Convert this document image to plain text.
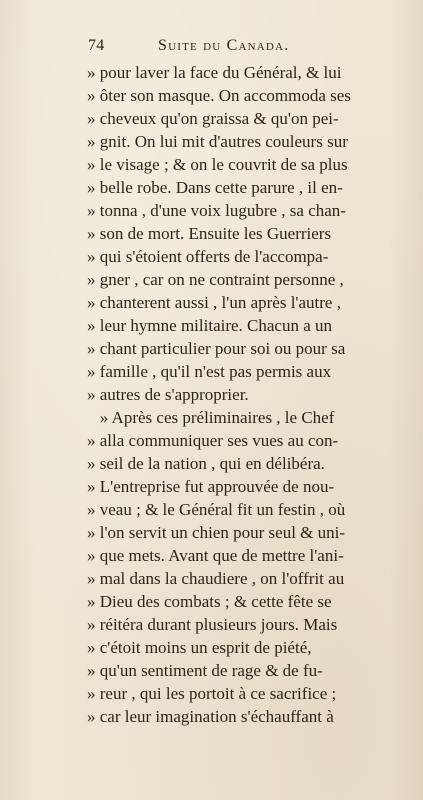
74	Suite du Canada.
» pour laver la face du Général, & lui
» ôter son masque. On accommoda ses
» cheveux qu'on graissa & qu'on pei-
» gnit. On lui mit d'autres couleurs sur
» le visage ; & on le couvrit de sa plus
» belle robe. Dans cette parure , il en-
» tonna , d'une voix lugubre , sa chan-
» son de mort. Ensuite les Guerriers
» qui s'étoient offerts de l'accompa-
» gner , car on ne contraint personne ,
» chanterent aussi , l'un après l'autre ,
» leur hymne militaire. Chacun a un
» chant particulier pour soi ou pour sa
» famille , qu'il n'est pas permis aux
» autres de s'approprier.
» Après ces préliminaires , le Chef
» alla communiquer ses vues au con-
» seil de la nation , qui en délibéra.
» L'entreprise fut approuvée de nou-
» veau ; & le Général fit un festin , où
» l'on servit un chien pour seul & uni-
» que mets. Avant que de mettre l'ani-
» mal dans la chaudiere , on l'offrit au
» Dieu des combats ; & cette fête se
» réitéra durant plusieurs jours. Mais
» c'étoit moins un esprit de piété,
» qu'un sentiment de rage & de fu-
» reur , qui les portoit à ce sacrifice ;
» car leur imagination s'échauffant à
